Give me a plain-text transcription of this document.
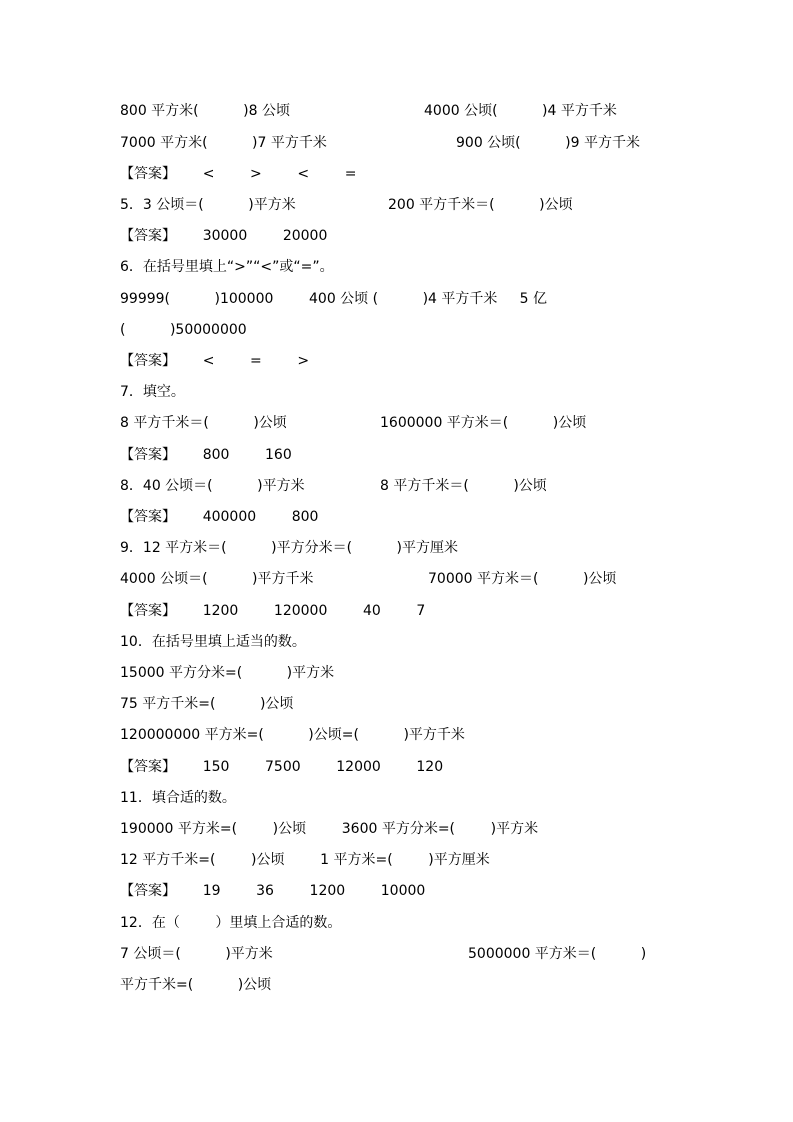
800 平方米(          )8 公顷	4000 公顷(          )4 平方千米
7000 平方米(          )7 平方千米	900 公顷(          )9 平方千米
【答案】      <        >        <        =
5．3 公顷＝(          )平方米	200 平方千米＝(          )公顷
【答案】      30000        20000
6．在括号里填上“>”“<”或“=”。
99999(          )100000        400 公顷 (          )4 平方千米     5 亿
(          )50000000
【答案】      <        =        >
7．填空。
8 平方千米＝(          )公顷	1600000 平方米＝(          )公顷
【答案】      800        160
8．40 公顷＝(          )平方米	8 平方千米＝(          )公顷
【答案】      400000        800
9．12 平方米＝(          )平方分米＝(          )平方厘米
4000 公顷＝(          )平方千米	70000 平方米＝(          )公顷
【答案】      1200        120000        40        7
10．在括号里填上适当的数。
15000 平方分米=(          )平方米
75 平方千米=(          )公顷
120000000 平方米=(          )公顷=(          )平方千米
【答案】      150        7500        12000        120
11．填合适的数。
190000 平方米=(        )公顷        3600 平方分米=(        )平方米
12 平方千米=(        )公顷        1 平方米=(        )平方厘米
【答案】      19        36        1200        10000
12．在（        ）里填上合适的数。
7 公顷＝(          )平方米	5000000 平方米＝(          )
平方千米=(          )公顷
